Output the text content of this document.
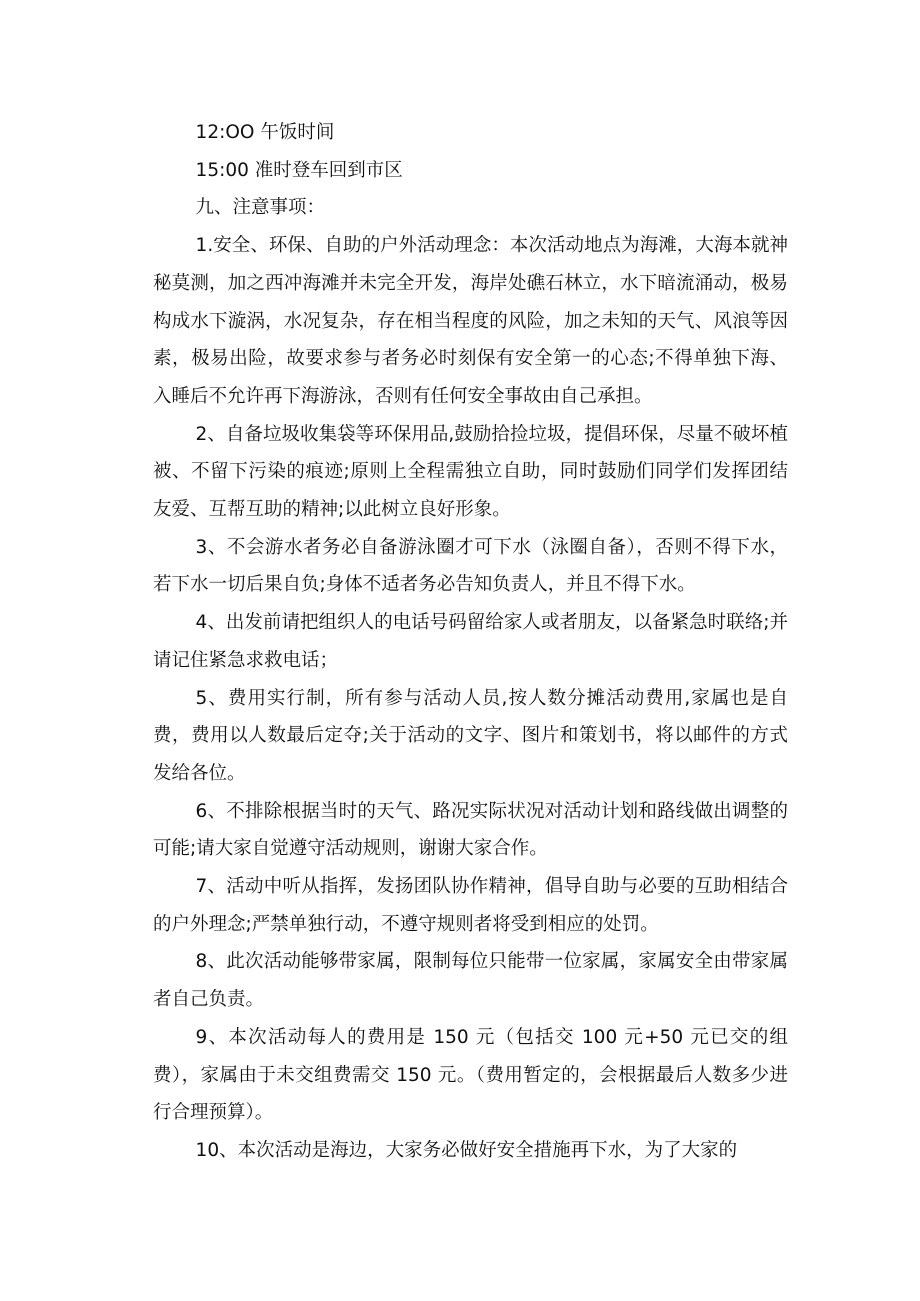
12:OO 午饭时间

15:00 准时登车回到市区

九、注意事项：

1.安全、环保、自助的户外活动理念：本次活动地点为海滩，大海本就神秘莫测，加之西冲海滩并未完全开发，海岸处礁石林立，水下暗流涌动，极易构成水下漩涡，水况复杂，存在相当程度的风险，加之未知的天气、风浪等因素，极易出险，故要求参与者务必时刻保有安全第一的心态;不得单独下海、入睡后不允许再下海游泳，否则有任何安全事故由自己承担。

2、自备垃圾收集袋等环保用品,鼓励拾捡垃圾，提倡环保，尽量不破坏植被、不留下污染的痕迹;原则上全程需独立自助，同时鼓励们同学们发挥团结友爱、互帮互助的精神;以此树立良好形象。

3、不会游水者务必自备游泳圈才可下水（泳圈自备），否则不得下水，若下水一切后果自负;身体不适者务必告知负责人，并且不得下水。

4、出发前请把组织人的电话号码留给家人或者朋友，以备紧急时联络;并请记住紧急求救电话；

5、费用实行制，所有参与活动人员,按人数分摊活动费用,家属也是自费，费用以人数最后定夺;关于活动的文字、图片和策划书，将以邮件的方式发给各位。

6、不排除根据当时的天气、路况实际状况对活动计划和路线做出调整的可能;请大家自觉遵守活动规则，谢谢大家合作。

7、活动中听从指挥，发扬团队协作精神，倡导自助与必要的互助相结合的户外理念;严禁单独行动，不遵守规则者将受到相应的处罚。

8、此次活动能够带家属，限制每位只能带一位家属，家属安全由带家属者自己负责。

9、本次活动每人的费用是 150 元（包括交 100 元+50 元已交的组费），家属由于未交组费需交 150 元。（费用暂定的，会根据最后人数多少进行合理预算）。

10、本次活动是海边，大家务必做好安全措施再下水，为了大家的
